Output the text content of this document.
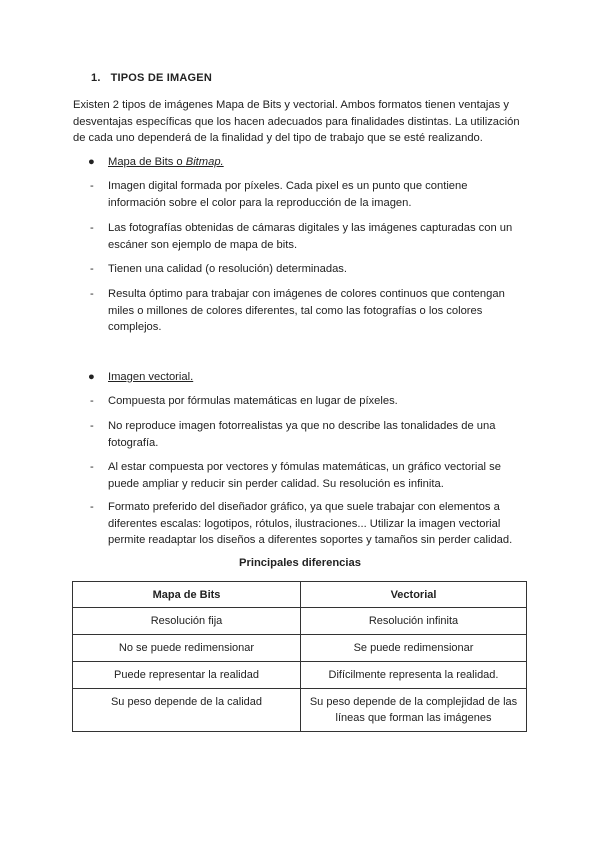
1. TIPOS DE IMAGEN
Existen 2 tipos de imágenes Mapa de Bits y vectorial. Ambos formatos tienen ventajas y desventajas específicas que los hacen adecuados para finalidades distintas. La utilización de cada uno dependerá de la finalidad y del tipo de trabajo que se esté realizando.
● Mapa de Bits o Bitmap.
- Imagen digital formada por píxeles. Cada pixel es un punto que contiene información sobre el color para la reproducción de la imagen.
- Las fotografías obtenidas de cámaras digitales y las imágenes capturadas con un escáner son ejemplo de mapa de bits.
- Tienen una calidad (o resolución) determinadas.
- Resulta óptimo para trabajar con imágenes de colores continuos que contengan miles o millones de colores diferentes, tal como las fotografías o los colores complejos.
● Imagen vectorial.
- Compuesta por fórmulas matemáticas en lugar de píxeles.
- No reproduce imagen fotorrealistas ya que no describe las tonalidades de una fotografía.
- Al estar compuesta por vectores y fómulas matemáticas, un gráfico vectorial se puede ampliar y reducir sin perder calidad. Su resolución es infinita.
- Formato preferido del diseñador gráfico, ya que suele trabajar con elementos a diferentes escalas: logotipos, rótulos, ilustraciones... Utilizar la imagen vectorial permite readaptar los diseños a diferentes soportes y tamaños sin perder calidad.
Principales diferencias
Mapa de Bits	Vectorial
Resolución fija	Resolución infinita
No se puede redimensionar	Se puede redimensionar
Puede representar la realidad	Difícilmente representa la realidad.
Su peso depende de la calidad	Su peso depende de la complejidad de las líneas que forman las imágenes
